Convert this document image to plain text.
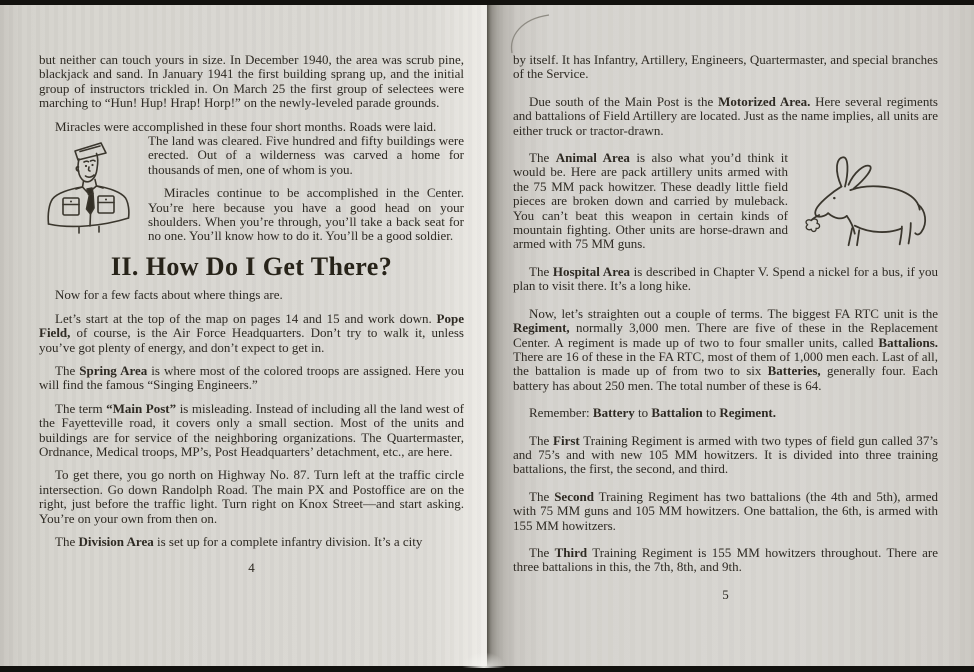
but neither can touch yours in size. In December 1940, the area was scrub pine, blackjack and sand. In January 1941 the first building sprang up, and the initial group of instructors trickled in. On March 25 the first group of selectees were marching to “Hun! Hup! Hrap! Horp!” on the newly-leveled parade grounds.

Miracles were accomplished in these four short months. Roads were laid.

The land was cleared. Five hundred and fifty buildings were erected. Out of a wilderness was carved a home for thousands of men, one of whom is you.

Miracles continue to be accomplished in the Center. You’re here because you have a good head on your shoulders. When you’re through, you’ll take a back seat for no one. You’ll know how to do it. You’ll be a good soldier.

II. How Do I Get There?

Now for a few facts about where things are.

Let’s start at the top of the map on pages 14 and 15 and work down. Pope Field, of course, is the Air Force Headquarters. Don’t try to walk it, unless you’ve got plenty of energy, and don’t expect to get in.

The Spring Area is where most of the colored troops are assigned. Here you will find the famous “Singing Engineers.”

The term “Main Post” is misleading. Instead of including all the land west of the Fayetteville road, it covers only a small section. Most of the units and buildings are for service of the neighboring organizations. The Quartermaster, Ordnance, Medical troops, MP’s, Post Headquarters’ detachment, etc., are here.

To get there, you go north on Highway No. 87. Turn left at the traffic circle intersection. Go down Randolph Road. The main PX and Postoffice are on the right, just before the traffic light. Turn right on Knox Street—and start asking. You’re on your own from then on.

The Division Area is set up for a complete infantry division. It’s a city

4

by itself. It has Infantry, Artillery, Engineers, Quartermaster, and special branches of the Service.

Due south of the Main Post is the Motorized Area. Here several regiments and battalions of Field Artillery are located. Just as the name implies, all units are either truck or tractor-drawn.

The Animal Area is also what you’d think it would be. Here are pack artillery units armed with the 75 MM pack howitzer. These deadly little field pieces are broken down and carried by muleback. You can’t beat this weapon in certain kinds of mountain fighting. Other units are horse-drawn and armed with 75 MM guns.

The Hospital Area is described in Chapter V. Spend a nickel for a bus, if you plan to visit there. It’s a long hike.

Now, let’s straighten out a couple of terms. The biggest FA RTC unit is the Regiment, normally 3,000 men. There are five of these in the Replacement Center. A regiment is made up of two to four smaller units, called Battalions. There are 16 of these in the FA RTC, most of them of 1,000 men each. Last of all, the battalion is made up of from two to six Batteries, generally four. Each battery has about 250 men. The total number of these is 64.

Remember: Battery to Battalion to Regiment.

The First Training Regiment is armed with two types of field gun called 37’s and 75’s and with new 105 MM howitzers. It is divided into three training battalions, the first, the second, and third.

The Second Training Regiment has two battalions (the 4th and 5th), armed with 75 MM guns and 105 MM howitzers. One battalion, the 6th, is armed with 155 MM howitzers.

The Third Training Regiment is 155 MM howitzers throughout. There are three battalions in this, the 7th, 8th, and 9th.

5
